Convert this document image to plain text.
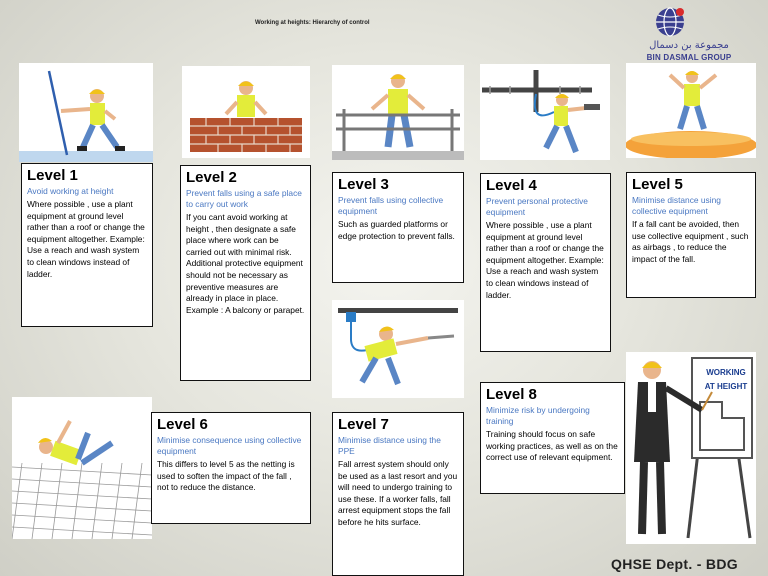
Working at heights: Hierarchy of control
مجموعة بن دسمال
BIN DASMAL GROUP
WORKING
AT HEIGHT
Level 1
Avoid working at height
Where possible , use a plant equipment at ground level rather than a roof or change the equipment altogether. Example: Use a reach and wash system to clean windows instead of ladder.
Level 2
Prevent falls using a safe place to carry out work
If you cant avoid working at height , then designate a safe place where work can be carried out with minimal risk. Additional protective equipment should not be necessary as preventive measures are already in place in place.
Example : A balcony or parapet.
Level 3
Prevent falls using collective equipment
Such as guarded platforms or edge protection to prevent falls.
Level 4
Prevent personal protective equipment
Where possible , use a plant equipment at ground level rather than a roof or change the equipment altogether. Example: Use a reach and wash system to clean windows instead of ladder.
Level 5
Minimise distance using collective equipment
If a fall cant be avoided, then use collective equipment , such as airbags , to reduce the impact of the fall.
Level 6
Minimise consequence using collective equipment
This differs to level 5 as the netting is used to soften the impact of the fall , not to reduce the distance.
Level 7
Minimise distance using the PPE
Fall arrest system should only be used as a last resort and you will need to undergo training to use these. If a worker falls, fall arrest equipment stops the fall before he hits surface.
Level 8
Minimize risk by undergoing training
Training should focus on safe working practices, as well as on the correct use of relevant equipment.
QHSE Dept. - BDG
